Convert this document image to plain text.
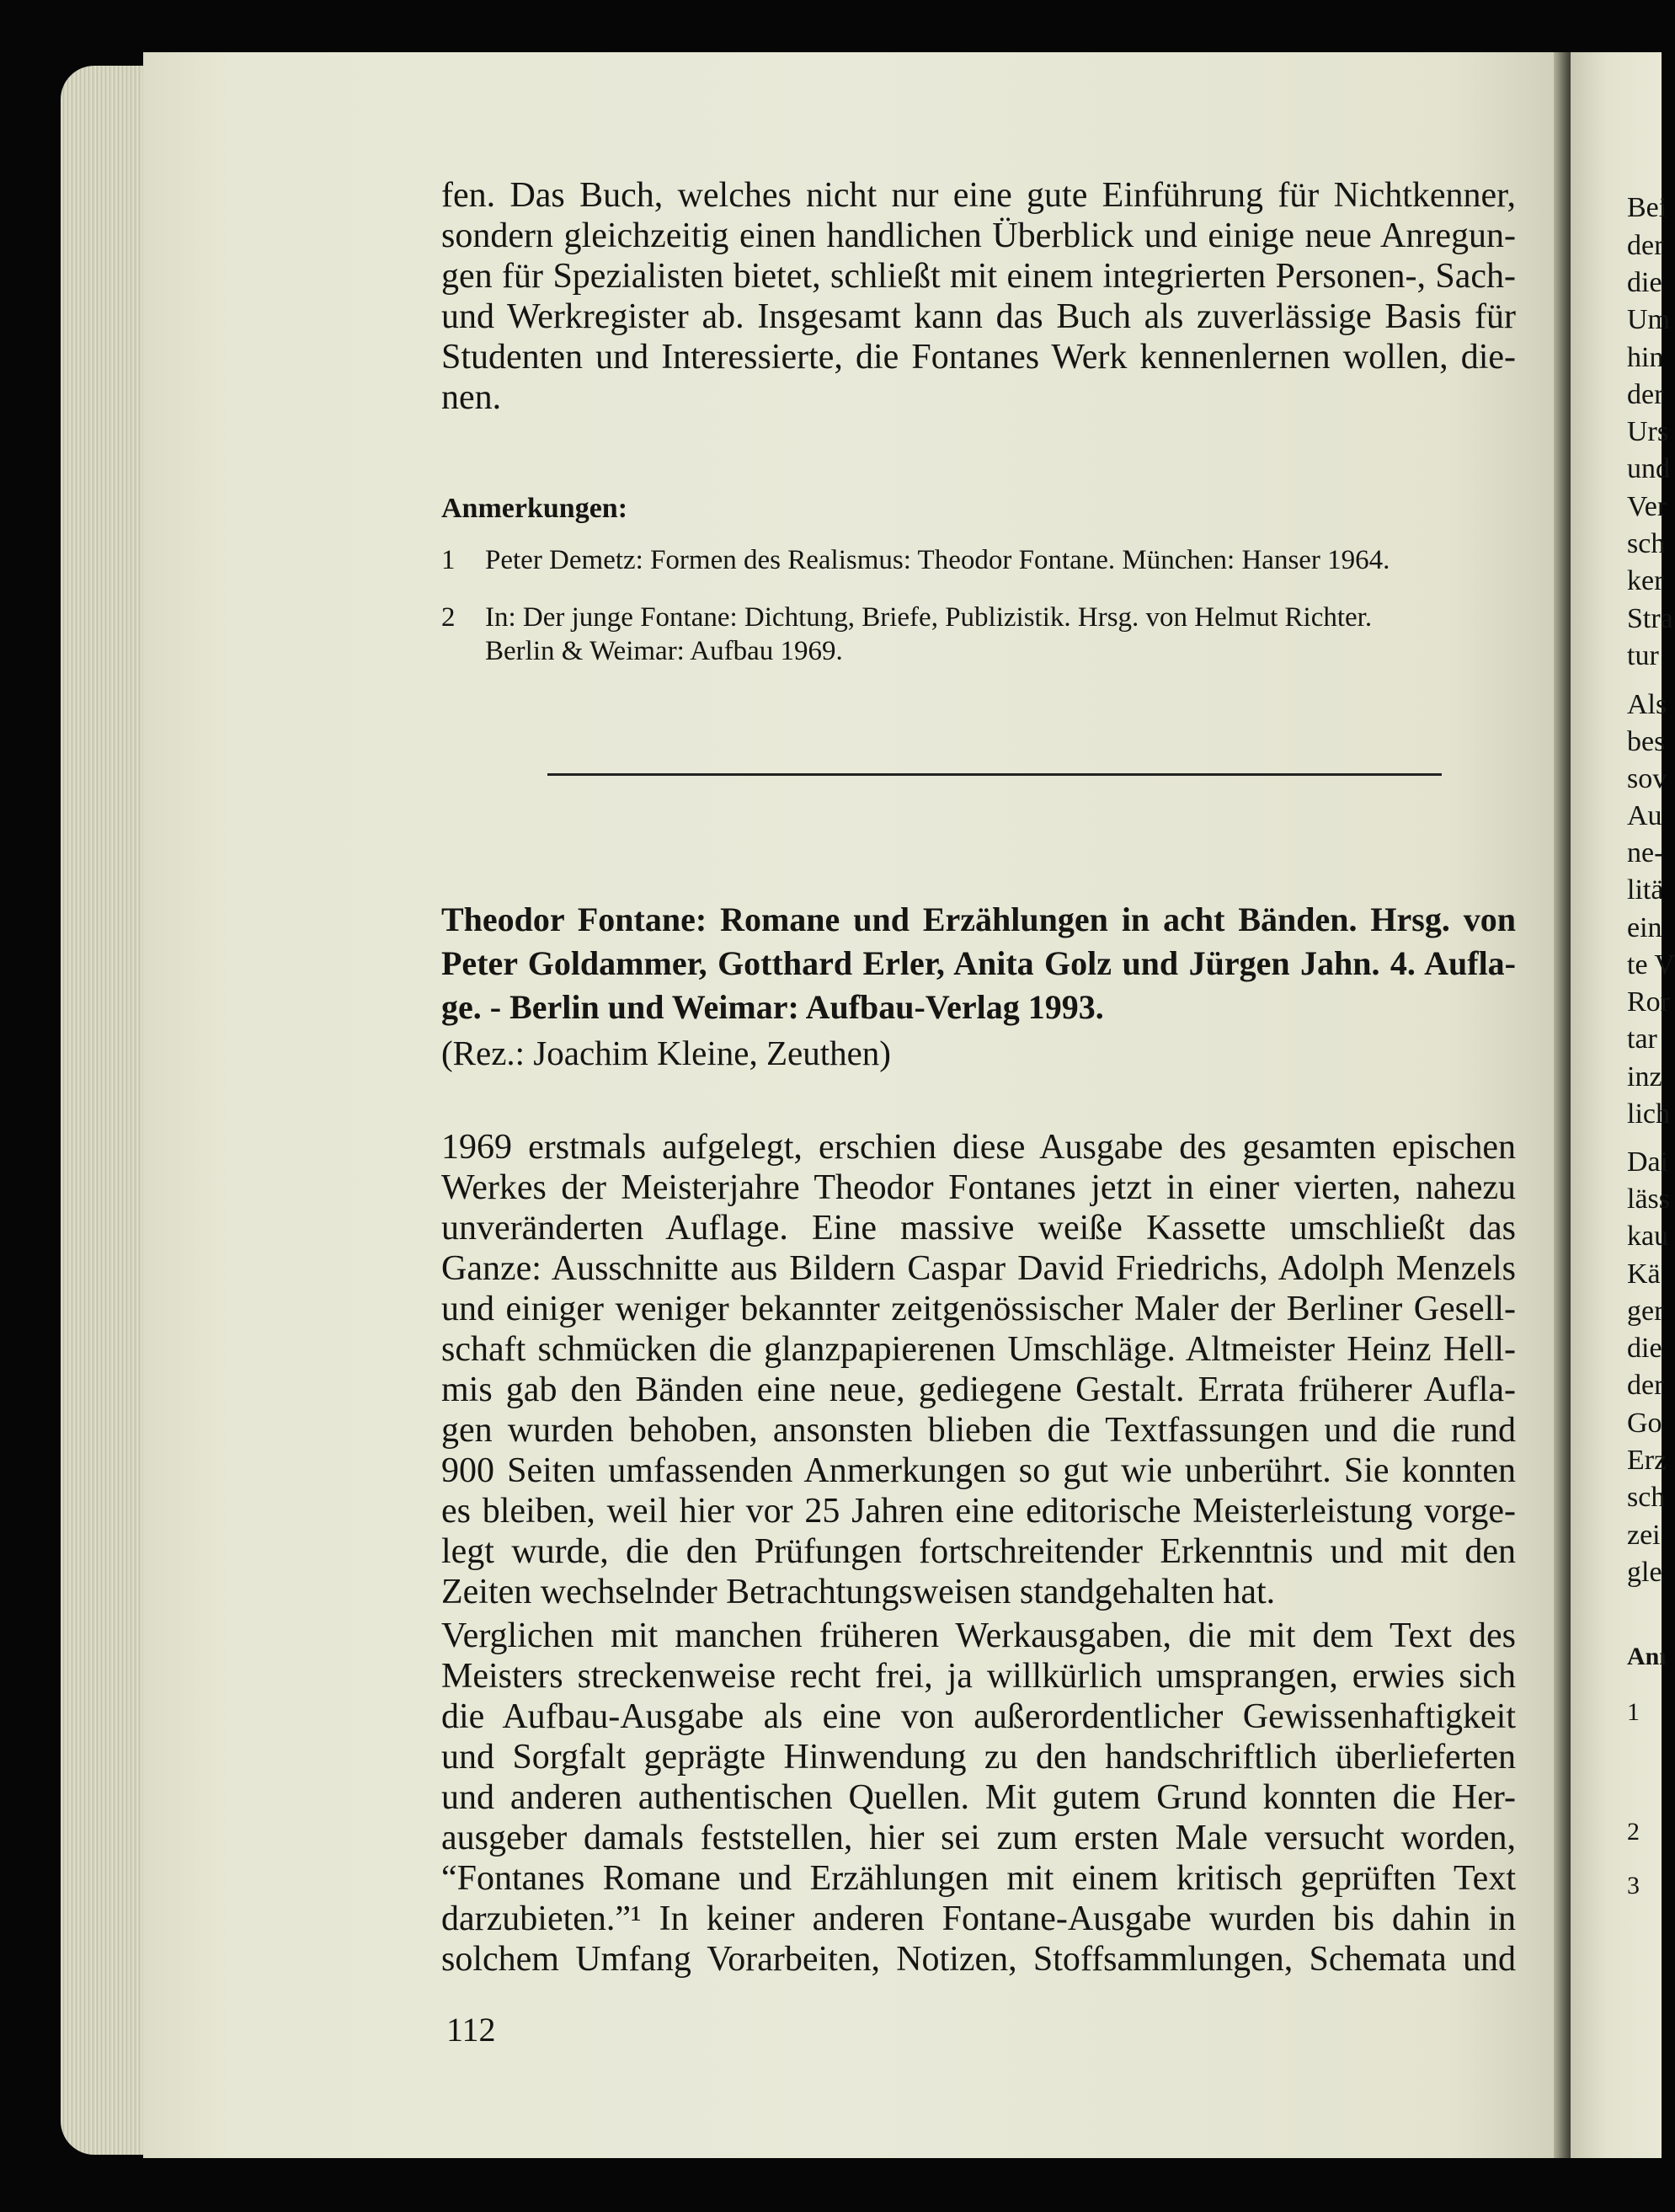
fen. Das Buch, welches nicht nur eine gute Einführung für Nichtkenner,
sondern gleichzeitig einen handlichen Überblick und einige neue Anregun-
gen für Spezialisten bietet, schließt mit einem integrierten Personen-, Sach-
und Werkregister ab. Insgesamt kann das Buch als zuverlässige Basis für
Studenten und Interessierte, die Fontanes Werk kennenlernen wollen, die-
nen.
Anmerkungen:
1 Peter Demetz: Formen des Realismus: Theodor Fontane. München: Hanser 1964.
2 In: Der junge Fontane: Dichtung, Briefe, Publizistik. Hrsg. von Helmut Richter.
Berlin & Weimar: Aufbau 1969.
Theodor Fontane: Romane und Erzählungen in acht Bänden. Hrsg. von
Peter Goldammer, Gotthard Erler, Anita Golz und Jürgen Jahn. 4. Aufla-
ge. - Berlin und Weimar: Aufbau-Verlag 1993.
(Rez.: Joachim Kleine, Zeuthen)
1969 erstmals aufgelegt, erschien diese Ausgabe des gesamten epischen
Werkes der Meisterjahre Theodor Fontanes jetzt in einer vierten, nahezu
unveränderten Auflage. Eine massive weiße Kassette umschließt das
Ganze: Ausschnitte aus Bildern Caspar David Friedrichs, Adolph Menzels
und einiger weniger bekannter zeitgenössischer Maler der Berliner Gesell-
schaft schmücken die glanzpapierenen Umschläge. Altmeister Heinz Hell-
mis gab den Bänden eine neue, gediegene Gestalt. Errata früherer Aufla-
gen wurden behoben, ansonsten blieben die Textfassungen und die rund
900 Seiten umfassenden Anmerkungen so gut wie unberührt. Sie konnten
es bleiben, weil hier vor 25 Jahren eine editorische Meisterleistung vorge-
legt wurde, die den Prüfungen fortschreitender Erkenntnis und mit den
Zeiten wechselnder Betrachtungsweisen standgehalten hat.
Verglichen mit manchen früheren Werkausgaben, die mit dem Text des
Meisters streckenweise recht frei, ja willkürlich umsprangen, erwies sich
die Aufbau-Ausgabe als eine von außerordentlicher Gewissenhaftigkeit
und Sorgfalt geprägte Hinwendung zu den handschriftlich überlieferten
und anderen authentischen Quellen. Mit gutem Grund konnten die Her-
ausgeber damals feststellen, hier sei zum ersten Male versucht worden,
“Fontanes Romane und Erzählungen mit einem kritisch geprüften Text
darzubieten.”¹ In keiner anderen Fontane-Ausgabe wurden bis dahin in
solchem Umfang Vorarbeiten, Notizen, Stoffsammlungen, Schemata und
112
Bei
der
die
Um
hin
der
Urs
und
Ver
sch
ker
Stra
tur
Als
bes
sov
Au
ne-
litä
ein
te V
Ror
tar
inz
lich
Dai
läss
kau
Kä
ger
die
der
Go
Erz
sch
zei
gle
Anı
1
2
3
